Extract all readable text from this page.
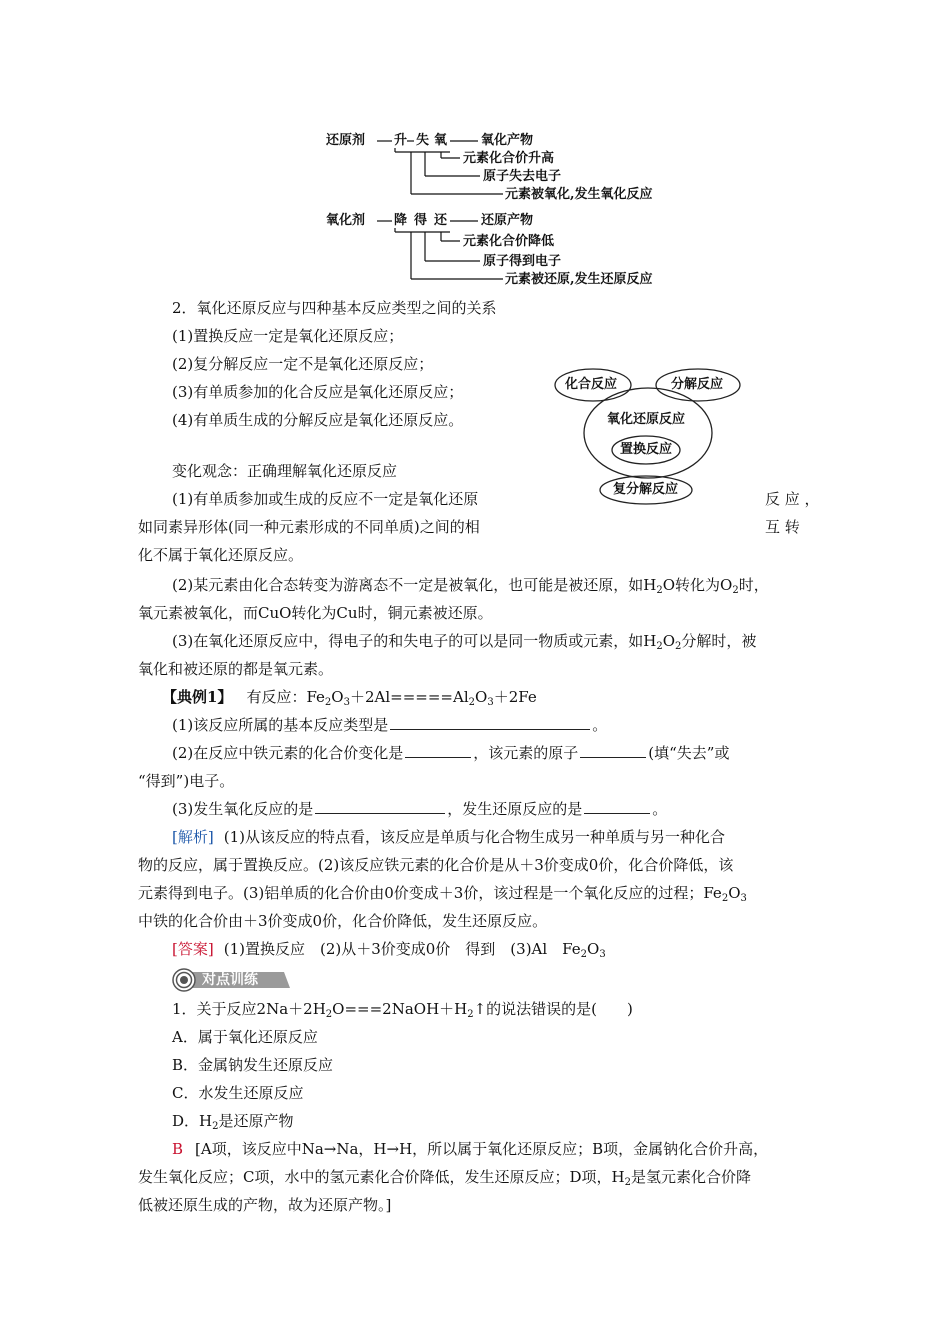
还原剂 升 失 氧	氧化产物
元素化合价升高
原子失去电子
元素被氧化,发生氧化反应
氧化剂 降 得 还	还原产物
元素化合价降低
原子得到电子
元素被还原,发生还原反应
2．氧化还原反应与四种基本反应类型之间的关系
(1)置换反应一定是氧化还原反应；
(2)复分解反应一定不是氧化还原反应；
(3)有单质参加的化合反应是氧化还原反应；
(4)有单质生成的分解反应是氧化还原反应。
化合反应	分解反应
氧化还原反应
置换反应
复分解反应
变化观念：正确理解氧化还原反应
(1)有单质参加或生成的反应不一定是氧化还原	反 应 ，
如同素异形体(同一种元素形成的不同单质)之间的相	互 转
化不属于氧化还原反应。
(2)某元素由化合态转变为游离态不一定是被氧化，也可能是被还原，如$H_2O$转化为$O_2$时，
氧元素被氧化，而CuO转化为Cu时，铜元素被还原。
(3)在氧化还原反应中，得电子的和失电子的可以是同一物质或元素，如$H_2O_2$分解时，被
氧化和被还原的都是氧元素。
【典例1】 有反应：$Fe_2O_3+2Al=====Al_2O_3+2Fe$
(1)该反应所属的基本反应类型是	。
(2)在反应中铁元素的化合价变化是	，该元素的原子	(填“失去”或
“得到”)电子。
(3)发生氧化反应的是	，发生还原反应的是	。
[解析] (1)从该反应的特点看，该反应是单质与化合物生成另一种单质与另一种化合
物的反应，属于置换反应。(2)该反应铁元素的化合价是从＋3价变成0价，化合价降低，该
元素得到电子。(3)铝单质的化合价由0价变成＋3价，该过程是一个氧化反应的过程；$Fe_2O_3$
中铁的化合价由＋3价变成0价，化合价降低，发生还原反应。
[答案] (1)置换反应　(2)从＋3价变成0价　得到　(3)Al　$Fe_2O_3$
对点训练
1．关于反应$2Na+2H_2O===2NaOH+H_2↑$的说法错误的是(　　)
A．属于氧化还原反应
B．金属钠发生还原反应
C．水发生还原反应
D．$H_2$是还原产物
B [A项，该反应中Na→Na，H→H，所以属于氧化还原反应；B项，金属钠化合价升高，
发生氧化反应；C项，水中的氢元素化合价降低，发生还原反应；D项，$H_2$是氢元素化合价降
低被还原生成的产物，故为还原产物。]
